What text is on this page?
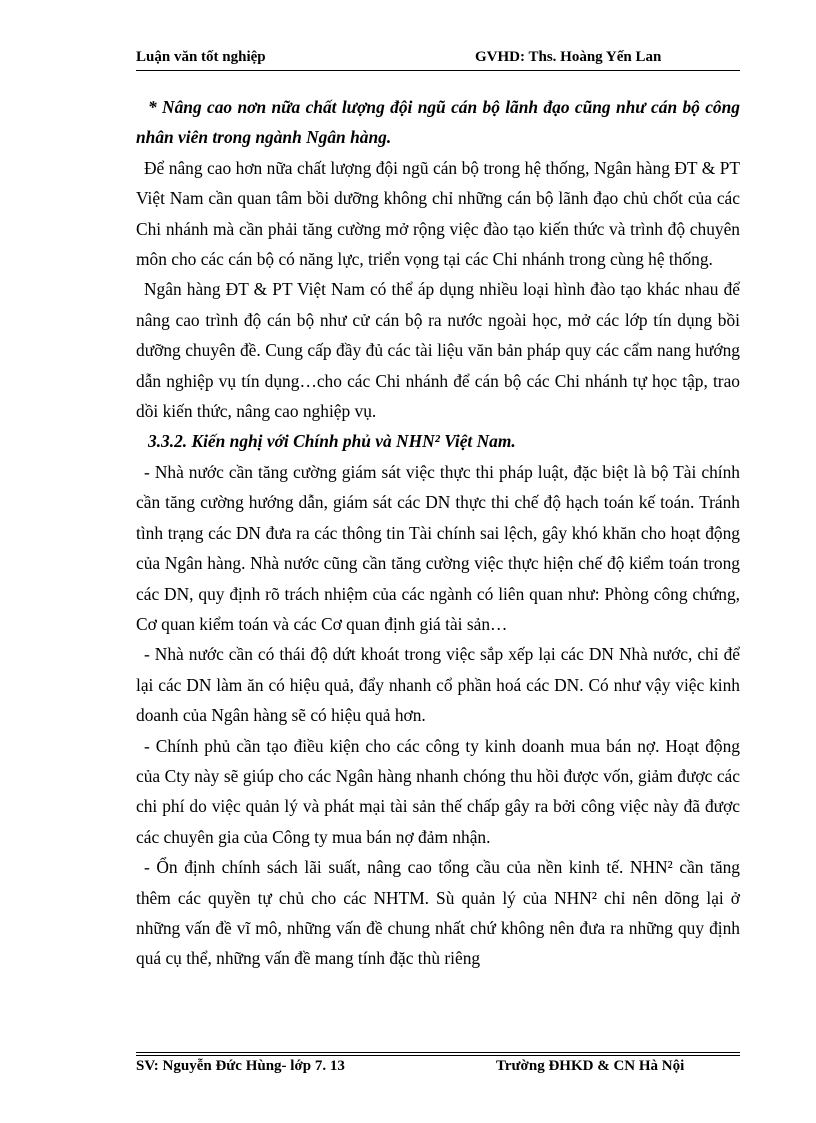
Luận văn tốt nghiệp	GVHD: Ths. Hoàng Yến Lan

* Nâng cao nơn nữa chất lượng đội ngũ cán bộ lãnh đạo cũng như cán bộ công nhân viên trong ngành Ngân hàng.

Để nâng cao hơn nữa chất lượng đội ngũ cán bộ trong hệ thống, Ngân hàng ĐT & PT Việt Nam cần quan tâm bồi dưỡng không chỉ những cán bộ lãnh đạo chủ chốt của các Chi nhánh mà cần phải tăng cường mở rộng việc đào tạo kiến thức và trình độ chuyên môn cho các cán bộ có năng lực, triển vọng tại các Chi nhánh trong cùng hệ thống.

Ngân hàng ĐT & PT Việt Nam có thể áp dụng nhiều loại hình đào tạo khác nhau để nâng cao trình độ cán bộ như cử cán bộ ra nước ngoài học, mở các lớp tín dụng bồi dưỡng chuyên đề. Cung cấp đầy đủ các tài liệu văn bản pháp quy các cẩm nang hướng dẫn nghiệp vụ tín dụng…cho các Chi nhánh để cán bộ các Chi nhánh tự học tập, trao dồi kiến thức, nâng cao nghiệp vụ.

3.3.2. Kiến nghị với Chính phủ và NHN² Việt Nam.

- Nhà nước cần tăng cường giám sát việc thực thi pháp luật, đặc biệt là bộ Tài chính cần tăng cường hướng dẫn, giám sát các DN thực thi chế độ hạch toán kế toán. Tránh tình trạng các DN đưa ra các thông tin Tài chính sai lệch, gây khó khăn cho hoạt động của Ngân hàng. Nhà nước cũng cần tăng cường việc thực hiện chế độ kiểm toán trong các DN, quy định rõ trách nhiệm của các ngành có liên quan như: Phòng công chứng, Cơ quan kiểm toán và các Cơ quan định giá tài sản…

- Nhà nước cần có thái độ dứt khoát trong việc sắp xếp lại các DN Nhà nước, chỉ để lại các DN làm ăn có hiệu quả, đẩy nhanh cổ phần hoá các DN. Có như vậy việc kinh doanh của Ngân hàng sẽ có hiệu quả hơn.

- Chính phủ cần tạo điều kiện cho các công ty kinh doanh mua bán nợ. Hoạt động của Cty này sẽ giúp cho các Ngân hàng nhanh chóng thu hồi được vốn, giảm được các chi phí do việc quản lý và phát mại tài sản thế chấp gây ra bởi công việc này đã được các chuyên gia của Công ty mua bán nợ đảm nhận.

- Ổn định chính sách lãi suất, nâng cao tổng cầu của nền kinh tế. NHN² cần tăng thêm các quyền tự chủ cho các NHTM. Sù quản lý của NHN² chỉ nên dõng lại ở những vấn đề vĩ mô, những vấn đề chung nhất chứ không nên đưa ra những quy định quá cụ thể, những vấn đề mang tính đặc thù riêng

SV: Nguyễn Đức Hùng- lớp 7. 13	Trường ĐHKD & CN Hà Nội
